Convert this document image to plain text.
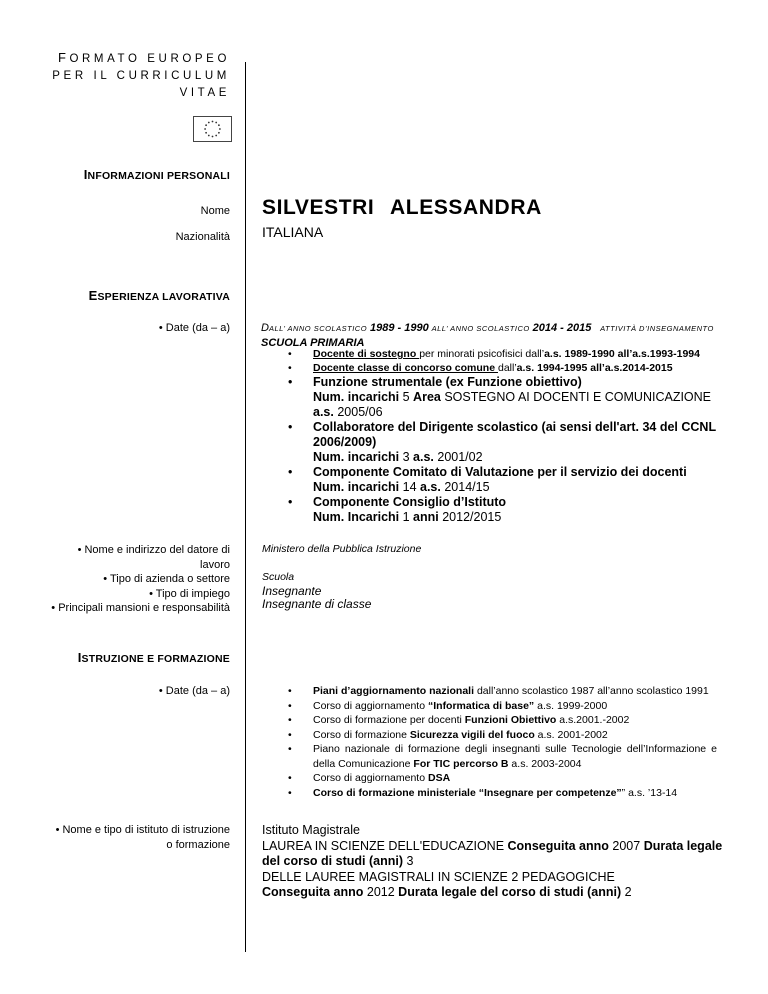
FORMATO EUROPEO
PER IL CURRICULUM
VITAE
INFORMAZIONI PERSONALI
Nome SILVESTRI ALESSANDRA
Nazionalità ITALIANA
ESPERIENZA LAVORATIVA
• Date (da – a)	DALL’ ANNO SCOLASTICO 1989 - 1990 ALL’ ANNO SCOLASTICO 2014 - 2015 ATTIVITÀ D’INSEGNAMENTO SCUOLA PRIMARIA
• Docente di sostegno per minorati psicofisici dall’a.s. 1989-1990 all’a.s.1993-1994
• Docente classe di concorso comune dall’a.s. 1994-1995 all’a.s.2014-2015
• Funzione strumentale (ex Funzione obiettivo)
Num. incarichi 5 Area SOSTEGNO AI DOCENTI E COMUNICAZIONE a.s. 2005/06
• Collaboratore del Dirigente scolastico (ai sensi dell'art. 34 del CCNL 2006/2009)
Num. incarichi 3 a.s. 2001/02
• Componente Comitato di Valutazione per il servizio dei docenti
Num. incarichi 14 a.s. 2014/15
• Componente Consiglio d’Istituto
Num. Incarichi 1 anni 2012/2015
• Nome e indirizzo del datore di
lavoro
• Tipo di azienda o settore
• Tipo di impiego
• Principali mansioni e responsabilità
Ministero della Pubblica Istruzione
Scuola
Insegnante
Insegnante di classe
ISTRUZIONE E FORMAZIONE
• Date (da – a)
•	Piani d’aggiornamento nazionali dall’anno scolastico 1987 all’anno scolastico 1991
• Corso di aggiornamento “Informatica di base” a.s. 1999-2000
• Corso di formazione per docenti Funzioni Obiettivo a.s.2001.-2002
• Corso di formazione Sicurezza vigili del fuoco a.s. 2001-2002
• Piano nazionale di formazione degli insegnanti sulle Tecnologie dell’Informazione e della Comunicazione For TIC percorso B a.s. 2003-2004
• Corso di aggiornamento DSA
• Corso di formazione ministeriale “Insegnare per competenze”” a.s. ’13-14
• Nome e tipo di istituto di istruzione
o formazione
Istituto Magistrale
LAUREA IN SCIENZE DELL'EDUCAZIONE Conseguita anno 2007 Durata legale del corso di studi (anni) 3
DELLE LAUREE MAGISTRALI IN SCIENZE 2 PEDAGOGICHE
Conseguita anno 2012 Durata legale del corso di studi (anni) 2
